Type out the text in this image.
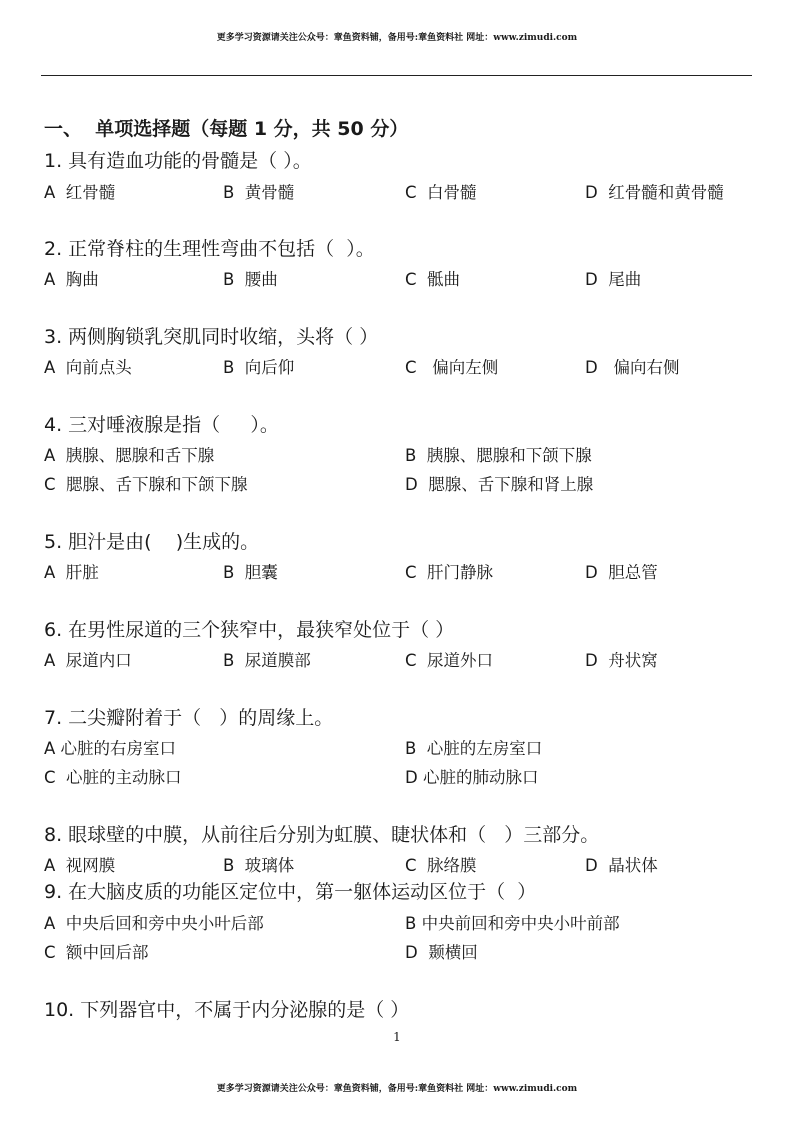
更多学习资源请关注公众号：章鱼资料铺，备用号:章鱼资料社 网址：www.zimudi.com
一、  单项选择题（每题 1 分，共 50 分）
1. 具有造血功能的骨髓是（ ）。
A  红骨髓	B  黄骨髓	C  白骨髓	D  红骨髓和黄骨髓
2. 正常脊柱的生理性弯曲不包括（  ）。
A  胸曲	B  腰曲	C  骶曲	D  尾曲
3. 两侧胸锁乳突肌同时收缩，头将（ ）
A  向前点头	B  向后仰	C   偏向左侧	D   偏向右侧
4. 三对唾液腺是指（     ）。
A  胰腺、腮腺和舌下腺	B  胰腺、腮腺和下颌下腺
C  腮腺、舌下腺和下颌下腺	D  腮腺、舌下腺和肾上腺
5. 胆汁是由(    )生成的。
A  肝脏	B  胆囊	C  肝门静脉	D  胆总管
6. 在男性尿道的三个狭窄中，最狭窄处位于（ ）
A  尿道内口	B  尿道膜部	C  尿道外口	D  舟状窝
7. 二尖瓣附着于（   ）的周缘上。
A 心脏的右房室口	B  心脏的左房室口
C  心脏的主动脉口	D 心脏的肺动脉口
8. 眼球壁的中膜，从前往后分别为虹膜、睫状体和（   ）三部分。
A  视网膜	B  玻璃体	C  脉络膜	D  晶状体
9. 在大脑皮质的功能区定位中，第一躯体运动区位于（  ）
A  中央后回和旁中央小叶后部	B 中央前回和旁中央小叶前部
C  额中回后部	D  颞横回
10. 下列器官中，不属于内分泌腺的是（ ）
1
更多学习资源请关注公众号：章鱼资料铺，备用号:章鱼资料社 网址：www.zimudi.com
